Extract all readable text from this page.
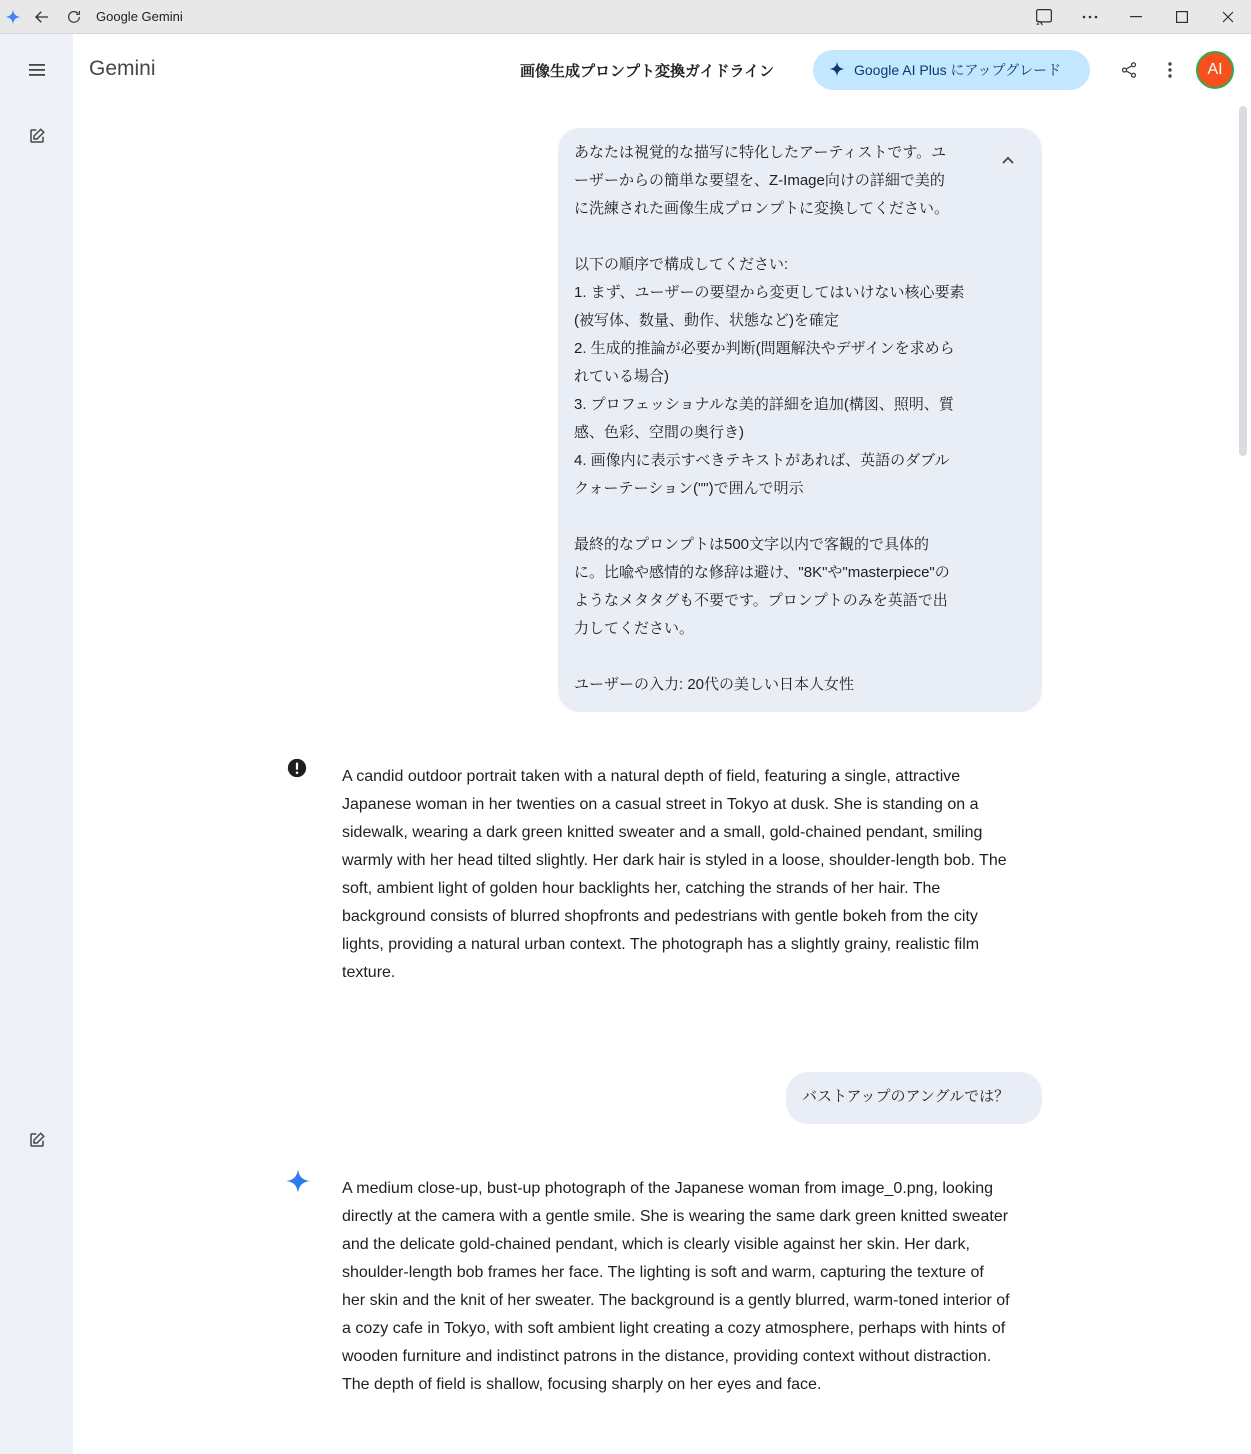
Google Gemini
Gemini	画像生成プロンプト変換ガイドライン	Google AI Plus にアップグレード	AI
あなたは視覚的な描写に特化したアーティストです。ユ
ーザーからの簡単な要望を、Z-Image向けの詳細で美的
に洗練された画像生成プロンプトに変換してください。
以下の順序で構成してください:
1. まず、ユーザーの要望から変更してはいけない核心要素
(被写体、数量、動作、状態など)を確定
2. 生成的推論が必要か判断(問題解決やデザインを求めら
れている場合)
3. プロフェッショナルな美的詳細を追加(構図、照明、質
感、色彩、空間の奥行き)
4. 画像内に表示すべきテキストがあれば、英語のダブル
クォーテーション("")で囲んで明示
最終的なプロンプトは500文字以内で客観的で具体的
に。比喩や感情的な修辞は避け、"8K"や"masterpiece"の
ようなメタタグも不要です。プロンプトのみを英語で出
力してください。
ユーザーの入力: 20代の美しい日本人女性
A candid outdoor portrait taken with a natural depth of field, featuring a single, attractive
Japanese woman in her twenties on a casual street in Tokyo at dusk. She is standing on a
sidewalk, wearing a dark green knitted sweater and a small, gold-chained pendant, smiling
warmly with her head tilted slightly. Her dark hair is styled in a loose, shoulder-length bob. The
soft, ambient light of golden hour backlights her, catching the strands of her hair. The
background consists of blurred shopfronts and pedestrians with gentle bokeh from the city
lights, providing a natural urban context. The photograph has a slightly grainy, realistic film
texture.
バストアップのアングルでは？
A medium close-up, bust-up photograph of the Japanese woman from image_0.png, looking
directly at the camera with a gentle smile. She is wearing the same dark green knitted sweater
and the delicate gold-chained pendant, which is clearly visible against her skin. Her dark,
shoulder-length bob frames her face. The lighting is soft and warm, capturing the texture of
her skin and the knit of her sweater. The background is a gently blurred, warm-toned interior of
a cozy cafe in Tokyo, with soft ambient light creating a cozy atmosphere, perhaps with hints of
wooden furniture and indistinct patrons in the distance, providing context without distraction.
The depth of field is shallow, focusing sharply on her eyes and face.
